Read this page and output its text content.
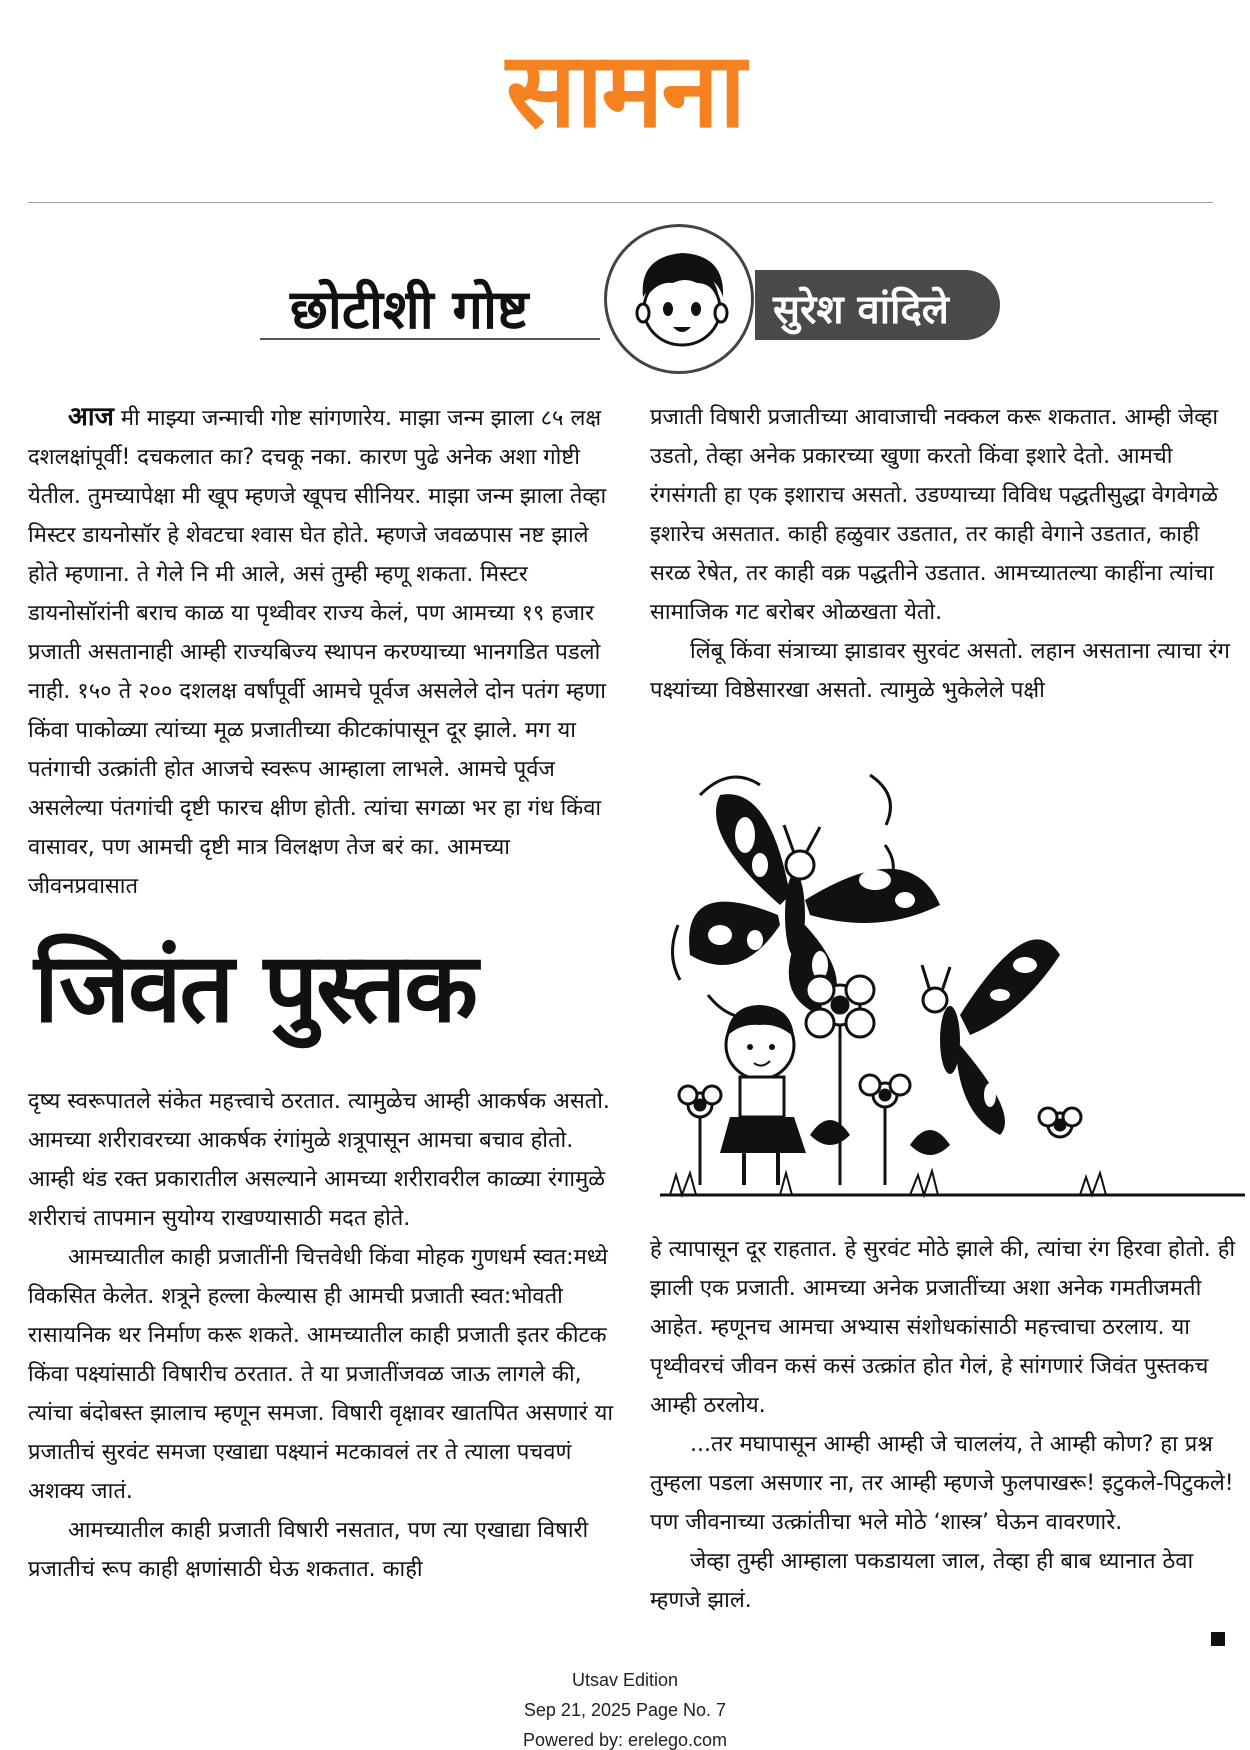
सामना
छोटीशी गोष्ट	सुरेश वांदिले

आज मी माझ्या जन्माची गोष्ट सांगणारेय. माझा जन्म झाला ८५ लक्ष दशलक्षांपूर्वी! दचकलात का? दचकू नका. कारण पुढे अनेक अशा गोष्टी येतील. तुमच्यापेक्षा मी खूप म्हणजे खूपच सीनियर. माझा जन्म झाला तेव्हा मिस्टर डायनोसॉर हे शेवटचा श्वास घेत होते. म्हणजे जवळपास नष्ट झाले होते म्हणाना. ते गेले नि मी आले, असं तुम्ही म्हणू शकता. मिस्टर डायनोसॉरांनी बराच काळ या पृथ्वीवर राज्य केलं, पण आमच्या १९ हजार प्रजाती असतानाही आम्ही राज्यबिज्य स्थापन करण्याच्या भानगडित पडलो नाही. १५० ते २०० दशलक्ष वर्षांपूर्वी आमचे पूर्वज असलेले दोन पतंग म्हणा किंवा पाकोळ्या त्यांच्या मूळ प्रजातीच्या कीटकांपासून दूर झाले. मग या पतंगाची उत्क्रांती होत आजचे स्वरूप आम्हाला लाभले. आमचे पूर्वज असलेल्या पंतगांची दृष्टी फारच क्षीण होती. त्यांचा सगळा भर हा गंध किंवा वासावर, पण आमची दृष्टी मात्र विलक्षण तेज बरं का. आमच्या जीवनप्रवासात

प्रजाती विषारी प्रजातीच्या आवाजाची नक्कल करू शकतात. आम्ही जेव्हा उडतो, तेव्हा अनेक प्रकारच्या खुणा करतो किंवा इशारे देतो. आमची रंगसंगती हा एक इशाराच असतो. उडण्याच्या विविध पद्धतीसुद्धा वेगवेगळे इशारेच असतात. काही हळुवार उडतात, तर काही वेगाने उडतात, काही सरळ रेषेत, तर काही वक्र पद्धतीने उडतात. आमच्यातल्या काहींना त्यांचा सामाजिक गट बरोबर ओळखता येतो.

लिंबू किंवा संत्राच्या झाडावर सुरवंट असतो. लहान असताना त्याचा रंग पक्ष्यांच्या विष्ठेसारखा असतो. त्यामुळे भुकेलेले पक्षी

जिवंत पुस्तक

दृष्य स्वरूपातले संकेत महत्त्वाचे ठरतात. त्यामुळेच आम्ही आकर्षक असतो. आमच्या शरीरावरच्या आकर्षक रंगांमुळे शत्रूपासून आमचा बचाव होतो. आम्ही थंड रक्त प्रकारातील असल्याने आमच्या शरीरावरील काळ्या रंगामुळे शरीराचं तापमान सुयोग्य राखण्यासाठी मदत होते.

आमच्यातील काही प्रजातींनी चित्तवेधी किंवा मोहक गुणधर्म स्वत:मध्ये विकसित केलेत. शत्रूने हल्ला केल्यास ही आमची प्रजाती स्वत:भोवती रासायनिक थर निर्माण करू शकते. आमच्यातील काही प्रजाती इतर कीटक किंवा पक्ष्यांसाठी विषारीच ठरतात. ते या प्रजातींजवळ जाऊ लागले की, त्यांचा बंदोबस्त झालाच म्हणून समजा. विषारी वृक्षावर खातपित असणारं या प्रजातीचं सुरवंट समजा एखाद्या पक्ष्यानं मटकावलं तर ते त्याला पचवणं अशक्य जातं.

आमच्यातील काही प्रजाती विषारी नसतात, पण त्या एखाद्या विषारी प्रजातीचं रूप काही क्षणांसाठी घेऊ शकतात. काही

हे त्यापासून दूर राहतात. हे सुरवंट मोठे झाले की, त्यांचा रंग हिरवा होतो. ही झाली एक प्रजाती. आमच्या अनेक प्रजातींच्या अशा अनेक गमतीजमती आहेत. म्हणूनच आमचा अभ्यास संशोधकांसाठी महत्त्वाचा ठरलाय. या पृथ्वीवरचं जीवन कसं कसं उत्क्रांत होत गेलं, हे सांगणारं जिवंत पुस्तकच आम्ही ठरलोय.

...तर मघापासून आम्ही आम्ही जे चाललंय, ते आम्ही कोण? हा प्रश्न तुम्हला पडला असणार ना, तर आम्ही म्हणजे फुलपाखरू! इटुकले-पिटुकले! पण जीवनाच्या उत्क्रांतीचा भले मोठे ‘शास्त्र’ घेऊन वावरणारे.

जेव्हा तुम्ही आम्हाला पकडायला जाल, तेव्हा ही बाब ध्यानात ठेवा म्हणजे झालं.

Utsav Edition
Sep 21, 2025 Page No. 7
Powered by: erelego.com
